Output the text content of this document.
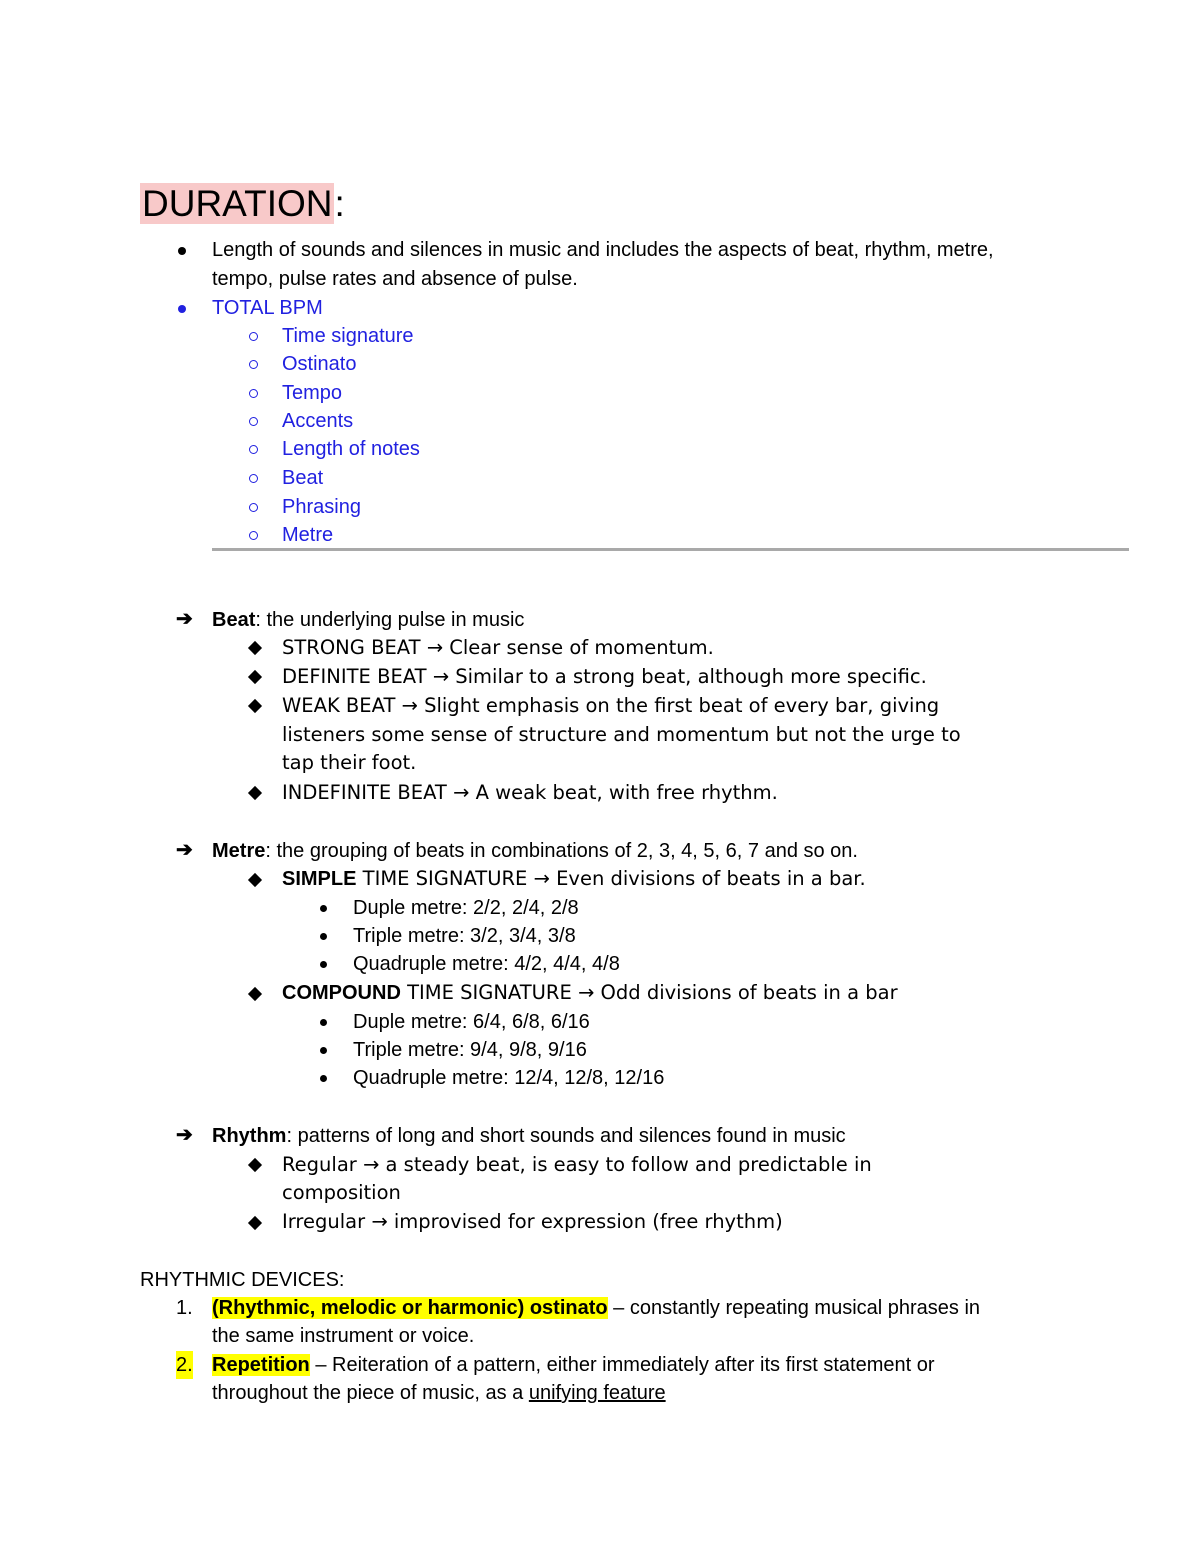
DURATION:
Length of sounds and silences in music and includes the aspects of beat, rhythm, metre,
tempo, pulse rates and absence of pulse.
TOTAL BPM
Time signature
Ostinato
Tempo
Accents
Length of notes
Beat
Phrasing
Metre
➔ Beat: the underlying pulse in music
STRONG BEAT → Clear sense of momentum.
DEFINITE BEAT → Similar to a strong beat, although more specific.
WEAK BEAT → Slight emphasis on the first beat of every bar, giving
listeners some sense of structure and momentum but not the urge to
tap their foot.
INDEFINITE BEAT → A weak beat, with free rhythm.
➔ Metre: the grouping of beats in combinations of 2, 3, 4, 5, 6, 7 and so on.
SIMPLE TIME SIGNATURE → Even divisions of beats in a bar.
Duple metre: 2/2, 2/4, 2/8
Triple metre: 3/2, 3/4, 3/8
Quadruple metre: 4/2, 4/4, 4/8
COMPOUND TIME SIGNATURE → Odd divisions of beats in a bar
Duple metre: 6/4, 6/8, 6/16
Triple metre: 9/4, 9/8, 9/16
Quadruple metre: 12/4, 12/8, 12/16
➔ Rhythm: patterns of long and short sounds and silences found in music
Regular → a steady beat, is easy to follow and predictable in
composition
Irregular → improvised for expression (free rhythm)
RHYTHMIC DEVICES:
1. (Rhythmic, melodic or harmonic) ostinato – constantly repeating musical phrases in
the same instrument or voice.
2. Repetition – Reiteration of a pattern, either immediately after its first statement or
throughout the piece of music, as a unifying feature
